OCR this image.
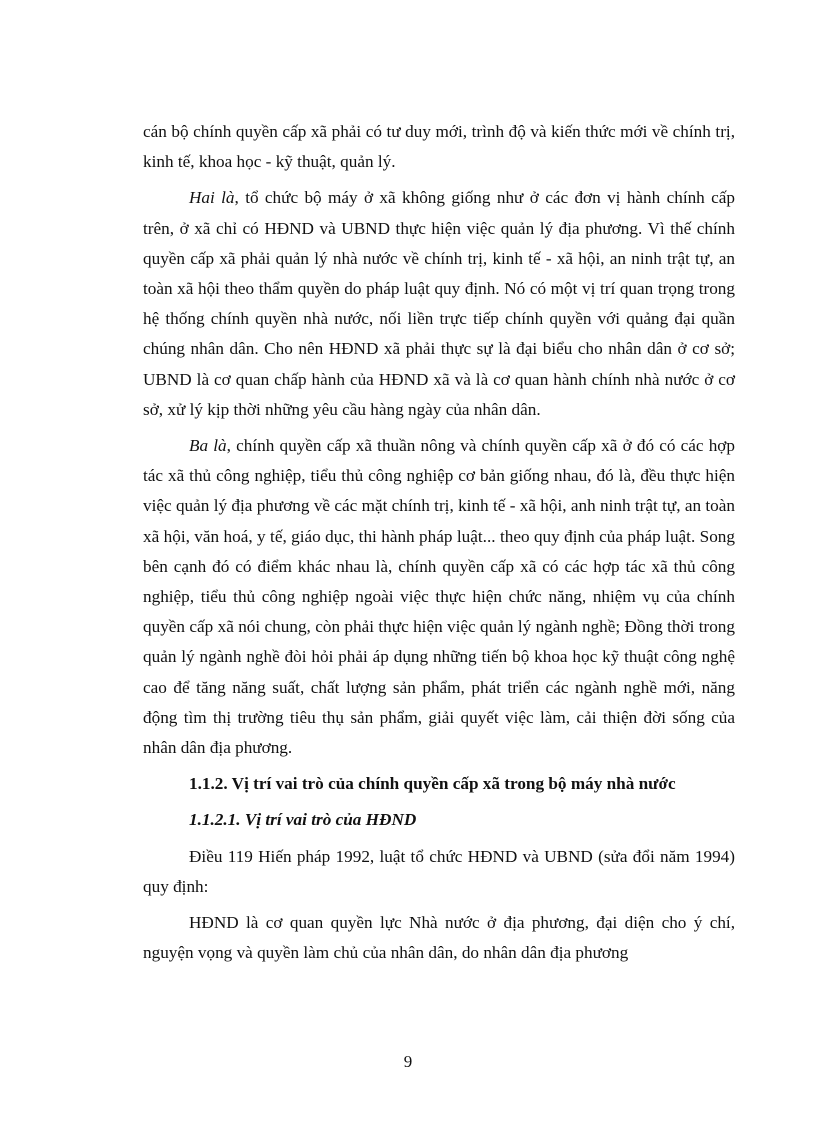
cán bộ chính quyền cấp xã phải có tư duy mới, trình độ và kiến thức mới về chính trị, kinh tế, khoa học - kỹ thuật, quản lý.

Hai là, tổ chức bộ máy ở xã không giống như ở các đơn vị hành chính cấp trên, ở xã chỉ có HĐND và UBND thực hiện việc quản lý địa phương. Vì thế chính quyền cấp xã phải quản lý nhà nước về chính trị, kinh tế - xã hội, an ninh trật tự, an toàn xã hội theo thẩm quyền do pháp luật quy định. Nó có một vị trí quan trọng trong hệ thống chính quyền nhà nước, nối liền trực tiếp chính quyền với quảng đại quần chúng nhân dân. Cho nên HĐND xã phải thực sự là đại biểu cho nhân dân ở cơ sở; UBND là cơ quan chấp hành của HĐND xã và là cơ quan hành chính nhà nước ở cơ sở, xử lý kịp thời những yêu cầu hàng ngày của nhân dân.

Ba là, chính quyền cấp xã thuần nông và chính quyền cấp xã ở đó có các hợp tác xã thủ công nghiệp, tiểu thủ công nghiệp cơ bản giống nhau, đó là, đều thực hiện việc quản lý địa phương về các mặt chính trị, kinh tế - xã hội, anh ninh trật tự, an toàn xã hội, văn hoá, y tế, giáo dục, thi hành pháp luật... theo quy định của pháp luật. Song bên cạnh đó có điểm khác nhau là, chính quyền cấp xã có các hợp tác xã thủ công nghiệp, tiểu thủ công nghiệp ngoài việc thực hiện chức năng, nhiệm vụ của chính quyền cấp xã nói chung, còn phải thực hiện việc quản lý ngành nghề; Đồng thời trong quản lý ngành nghề đòi hỏi phải áp dụng những tiến bộ khoa học kỹ thuật công nghệ cao để tăng năng suất, chất lượng sản phẩm, phát triển các ngành nghề mới, năng động tìm thị trường tiêu thụ sản phẩm, giải quyết việc làm, cải thiện đời sống của nhân dân địa phương.

1.1.2. Vị trí vai trò của chính quyền cấp xã trong bộ máy nhà nước

1.1.2.1. Vị trí vai trò của HĐND

Điều 119 Hiến pháp 1992, luật tổ chức HĐND và UBND (sửa đổi năm 1994) quy định:

HĐND là cơ quan quyền lực Nhà nước ở địa phương, đại diện cho ý chí, nguyện vọng và quyền làm chủ của nhân dân, do nhân dân địa phương

9
